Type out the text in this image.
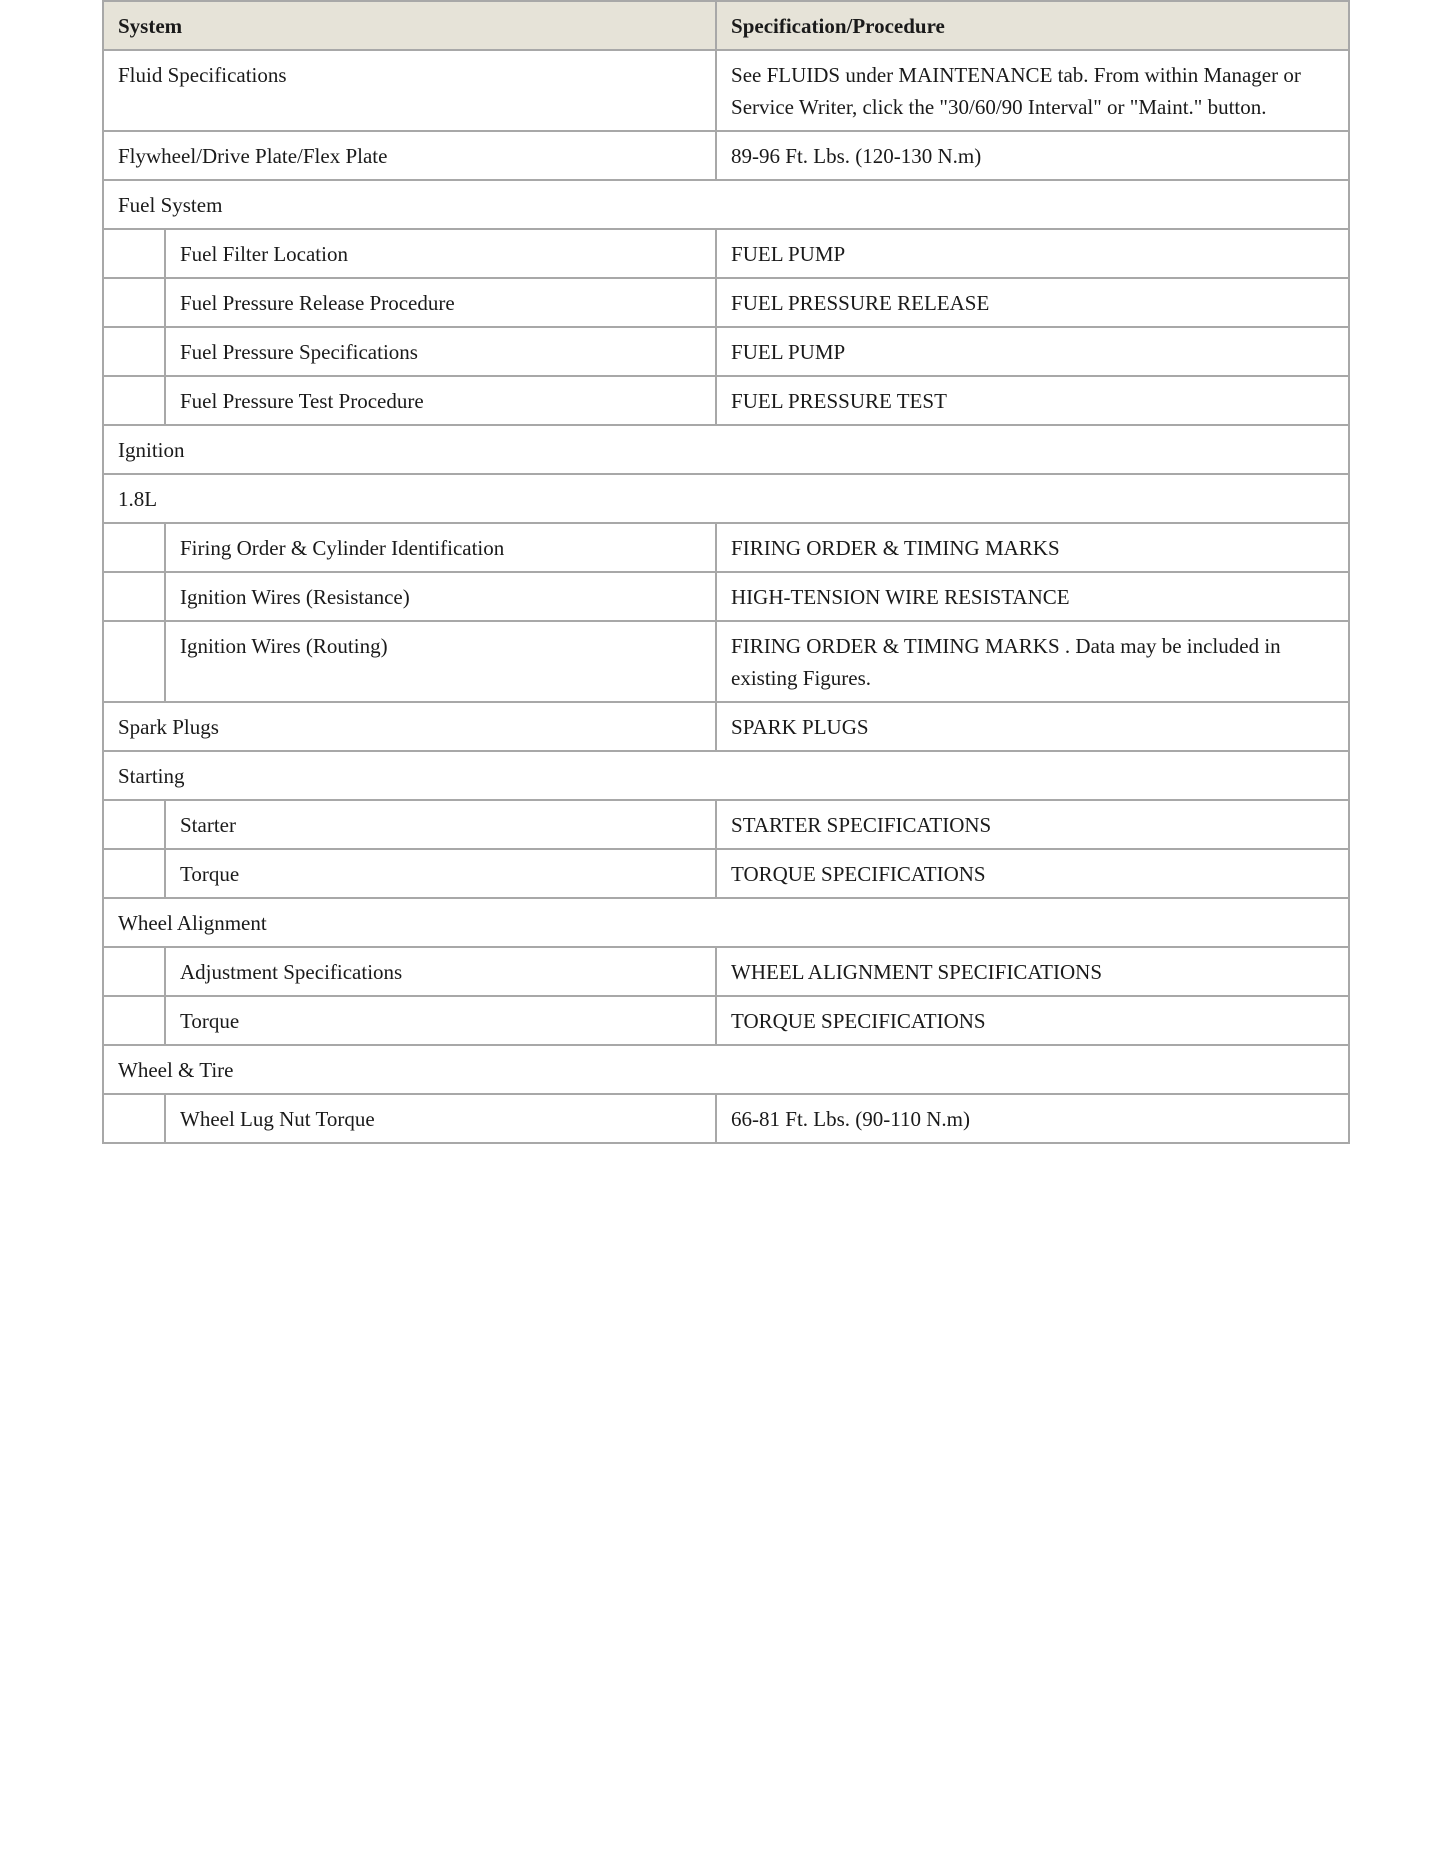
System		Specification/Procedure
Fluid Specifications		See FLUIDS under MAINTENANCE tab. From within Manager or Service Writer, click the "30/60/90 Interval" or "Maint." button.
Flywheel/Drive Plate/Flex Plate		89-96 Ft. Lbs. (120-130 N.m)
Fuel System		
	Fuel Filter Location	FUEL PUMP
	Fuel Pressure Release Procedure	FUEL PRESSURE RELEASE
	Fuel Pressure Specifications	FUEL PUMP
	Fuel Pressure Test Procedure	FUEL PRESSURE TEST
Ignition		
1.8L		
	Firing Order & Cylinder Identification	FIRING ORDER & TIMING MARKS
	Ignition Wires (Resistance)	HIGH-TENSION WIRE RESISTANCE
	Ignition Wires (Routing)	FIRING ORDER & TIMING MARKS . Data may be included in existing Figures.
Spark Plugs		SPARK PLUGS
Starting		
	Starter	STARTER SPECIFICATIONS
	Torque	TORQUE SPECIFICATIONS
Wheel Alignment		
	Adjustment Specifications	WHEEL ALIGNMENT SPECIFICATIONS
	Torque	TORQUE SPECIFICATIONS
Wheel & Tire		
	Wheel Lug Nut Torque	66-81 Ft. Lbs. (90-110 N.m)
